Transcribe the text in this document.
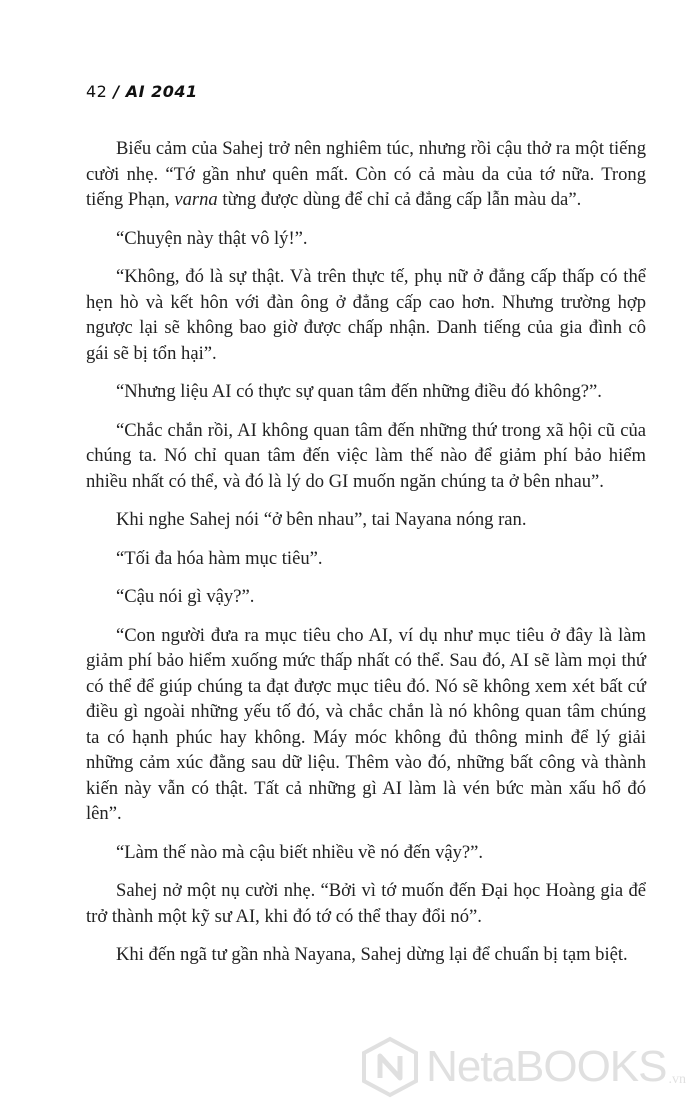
42 / AI 2041

Biểu cảm của Sahej trở nên nghiêm túc, nhưng rồi cậu thở ra một tiếng cười nhẹ. “Tớ gần như quên mất. Còn có cả màu da của tớ nữa. Trong tiếng Phạn, varna từng được dùng để chỉ cả đẳng cấp lẫn màu da”.

“Chuyện này thật vô lý!”.

“Không, đó là sự thật. Và trên thực tế, phụ nữ ở đẳng cấp thấp có thể hẹn hò và kết hôn với đàn ông ở đẳng cấp cao hơn. Nhưng trường hợp ngược lại sẽ không bao giờ được chấp nhận. Danh tiếng của gia đình cô gái sẽ bị tổn hại”.

“Nhưng liệu AI có thực sự quan tâm đến những điều đó không?”.

“Chắc chắn rồi, AI không quan tâm đến những thứ trong xã hội cũ của chúng ta. Nó chỉ quan tâm đến việc làm thế nào để giảm phí bảo hiểm nhiều nhất có thể, và đó là lý do GI muốn ngăn chúng ta ở bên nhau”.

Khi nghe Sahej nói “ở bên nhau”, tai Nayana nóng ran.

“Tối đa hóa hàm mục tiêu”.

“Cậu nói gì vậy?”.

“Con người đưa ra mục tiêu cho AI, ví dụ như mục tiêu ở đây là làm giảm phí bảo hiểm xuống mức thấp nhất có thể. Sau đó, AI sẽ làm mọi thứ có thể để giúp chúng ta đạt được mục tiêu đó. Nó sẽ không xem xét bất cứ điều gì ngoài những yếu tố đó, và chắc chắn là nó không quan tâm chúng ta có hạnh phúc hay không. Máy móc không đủ thông minh để lý giải những cảm xúc đằng sau dữ liệu. Thêm vào đó, những bất công và thành kiến này vẫn có thật. Tất cả những gì AI làm là vén bức màn xấu hổ đó lên”.

“Làm thế nào mà cậu biết nhiều về nó đến vậy?”.

Sahej nở một nụ cười nhẹ. “Bởi vì tớ muốn đến Đại học Hoàng gia để trở thành một kỹ sư AI, khi đó tớ có thể thay đổi nó”.

Khi đến ngã tư gần nhà Nayana, Sahej dừng lại để chuẩn bị tạm biệt.

NetaBOOKS .vn
